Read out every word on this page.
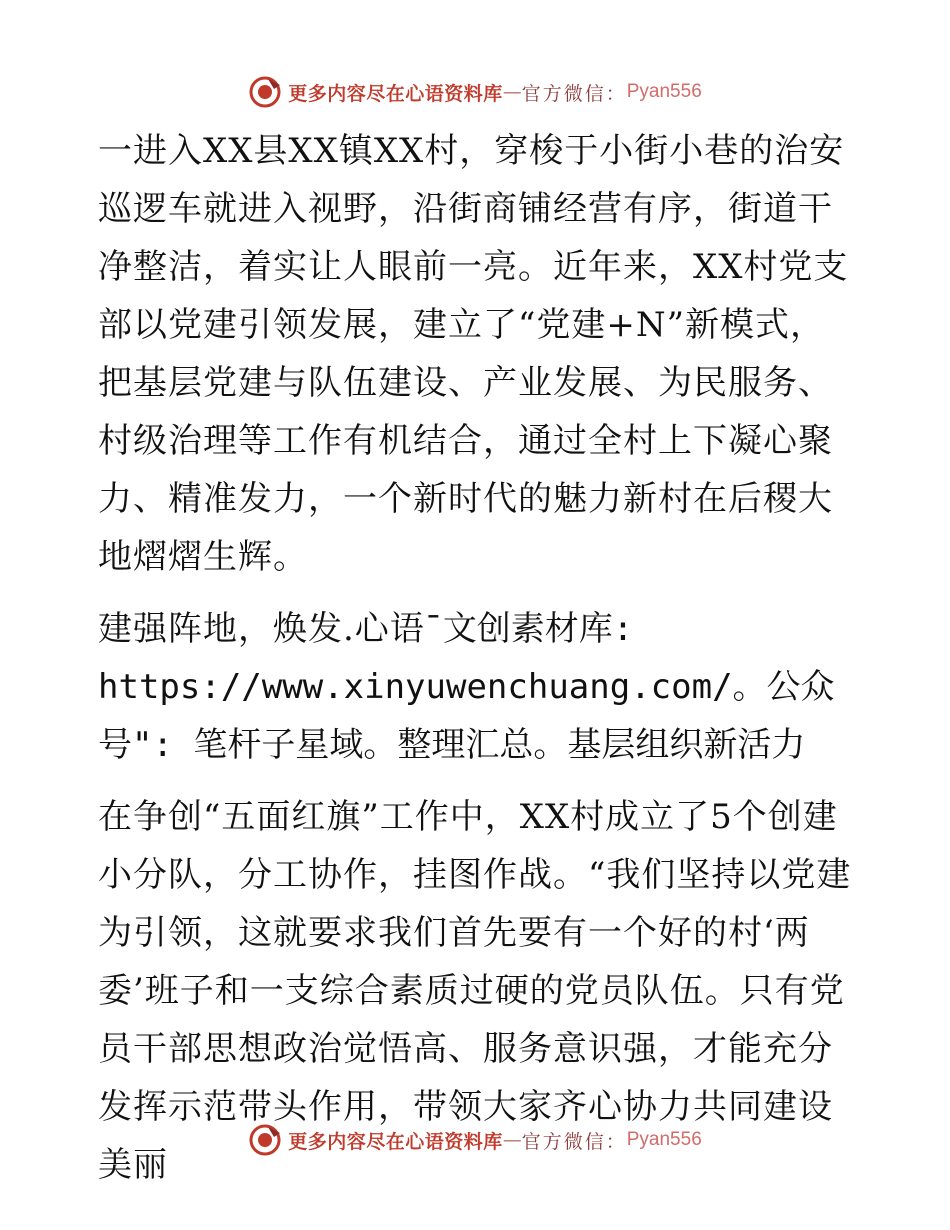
更多内容尽在心语资料库 — 官方微信： Pyan556

一进入XX县XX镇XX村，穿梭于小街小巷的治安巡逻车就进入视野，沿街商铺经营有序，街道干净整洁，着实让人眼前一亮。近年来，XX村党支部以党建引领发展，建立了“党建+N”新模式，把基层党建与队伍建设、产业发展、为民服务、村级治理等工作有机结合，通过全村上下凝心聚力、精准发力，一个新时代的魅力新村在后稷大地熠熠生辉。

建强阵地，焕发.心语¯文创素材库: https://www.xinyuwenchuang.com/。公众号": 笔杆子星域。整理汇总。基层组织新活力

在争创“五面红旗”工作中，XX村成立了5个创建小分队，分工协作，挂图作战。“我们坚持以党建为引领，这就要求我们首先要有一个好的村‘两委’班子和一支综合素质过硬的党员队伍。只有党员干部思想政治觉悟高、服务意识强，才能充分发挥示范带头作用，带领大家齐心协力共同建设美丽

更多内容尽在心语资料库 — 官方微信： Pyan556
